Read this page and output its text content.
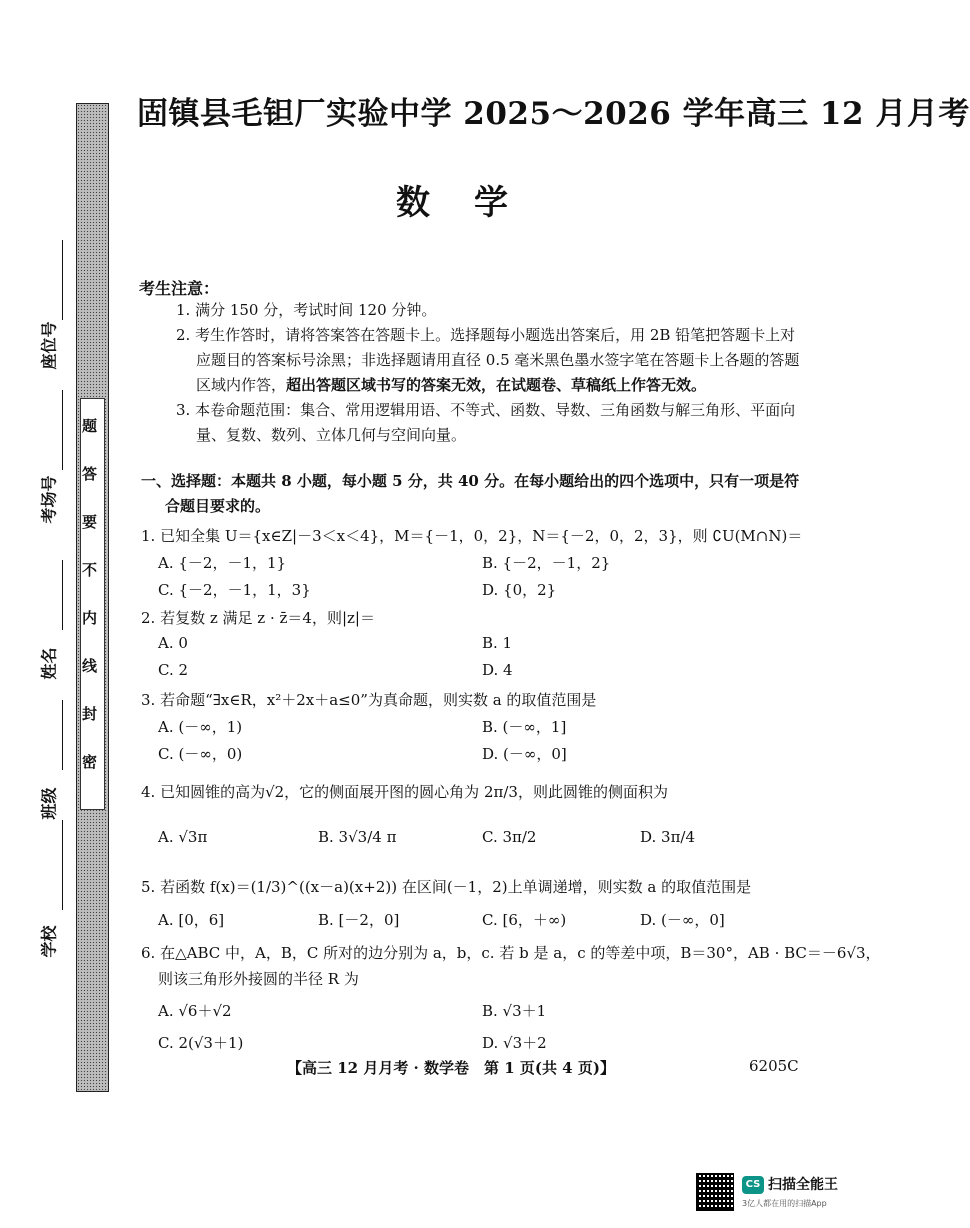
题
答
要
不
内
线
封
密
座位号
考场号
姓名
班级
学校
固镇县毛钽厂实验中学 2025～2026 学年高三 12 月月考
数学
考生注意：
1. 满分 150 分，考试时间 120 分钟。
2. 考生作答时，请将答案答在答题卡上。选择题每小题选出答案后，用 2B 铅笔把答题卡上对
应题目的答案标号涂黑；非选择题请用直径 0.5 毫米黑色墨水签字笔在答题卡上各题的答题
区域内作答，超出答题区域书写的答案无效，在试题卷、草稿纸上作答无效。
3. 本卷命题范围：集合、常用逻辑用语、不等式、函数、导数、三角函数与解三角形、平面向
量、复数、数列、立体几何与空间向量。
一、选择题：本题共 8 小题，每小题 5 分，共 40 分。在每小题给出的四个选项中，只有一项是符
合题目要求的。
1. 已知全集 U＝{x∈Z|－3＜x＜4}，M＝{－1，0，2}，N＝{－2，0，2，3}，则 ∁U(M∩N)＝
A. {－2，－1，1}	B. {－2，－1，2}
C. {－2，－1，1，3}	D. {0，2}
2. 若复数 z 满足 z · z̄＝4，则|z|＝
A. 0	B. 1
C. 2	D. 4
3. 若命题“∃x∈R，x²＋2x＋a≤0”为真命题，则实数 a 的取值范围是
A. (－∞，1)	B. (－∞，1]
C. (－∞，0)	D. (－∞，0]
4. 已知圆锥的高为√2，它的侧面展开图的圆心角为 2π/3，则此圆锥的侧面积为
A. √3π	B. 3√3/4 π	C. 3π/2	D. 3π/4
5. 若函数 f(x)＝(1/3)^((x－a)(x+2)) 在区间(－1，2)上单调递增，则实数 a 的取值范围是
A. [0，6]	B. [－2，0]	C. [6，＋∞)	D. (－∞，0]
6. 在△ABC 中，A，B，C 所对的边分别为 a，b，c. 若 b 是 a，c 的等差中项，B＝30°，AB · BC＝－6√3，
则该三角形外接圆的半径 R 为
A. √6＋√2	B. √3＋1
C. 2(√3＋1)	D. √3＋2
【高三 12 月月考 · 数学卷　第 1 页(共 4 页)】	6205C
CS 扫描全能王
3亿人都在用的扫描App
